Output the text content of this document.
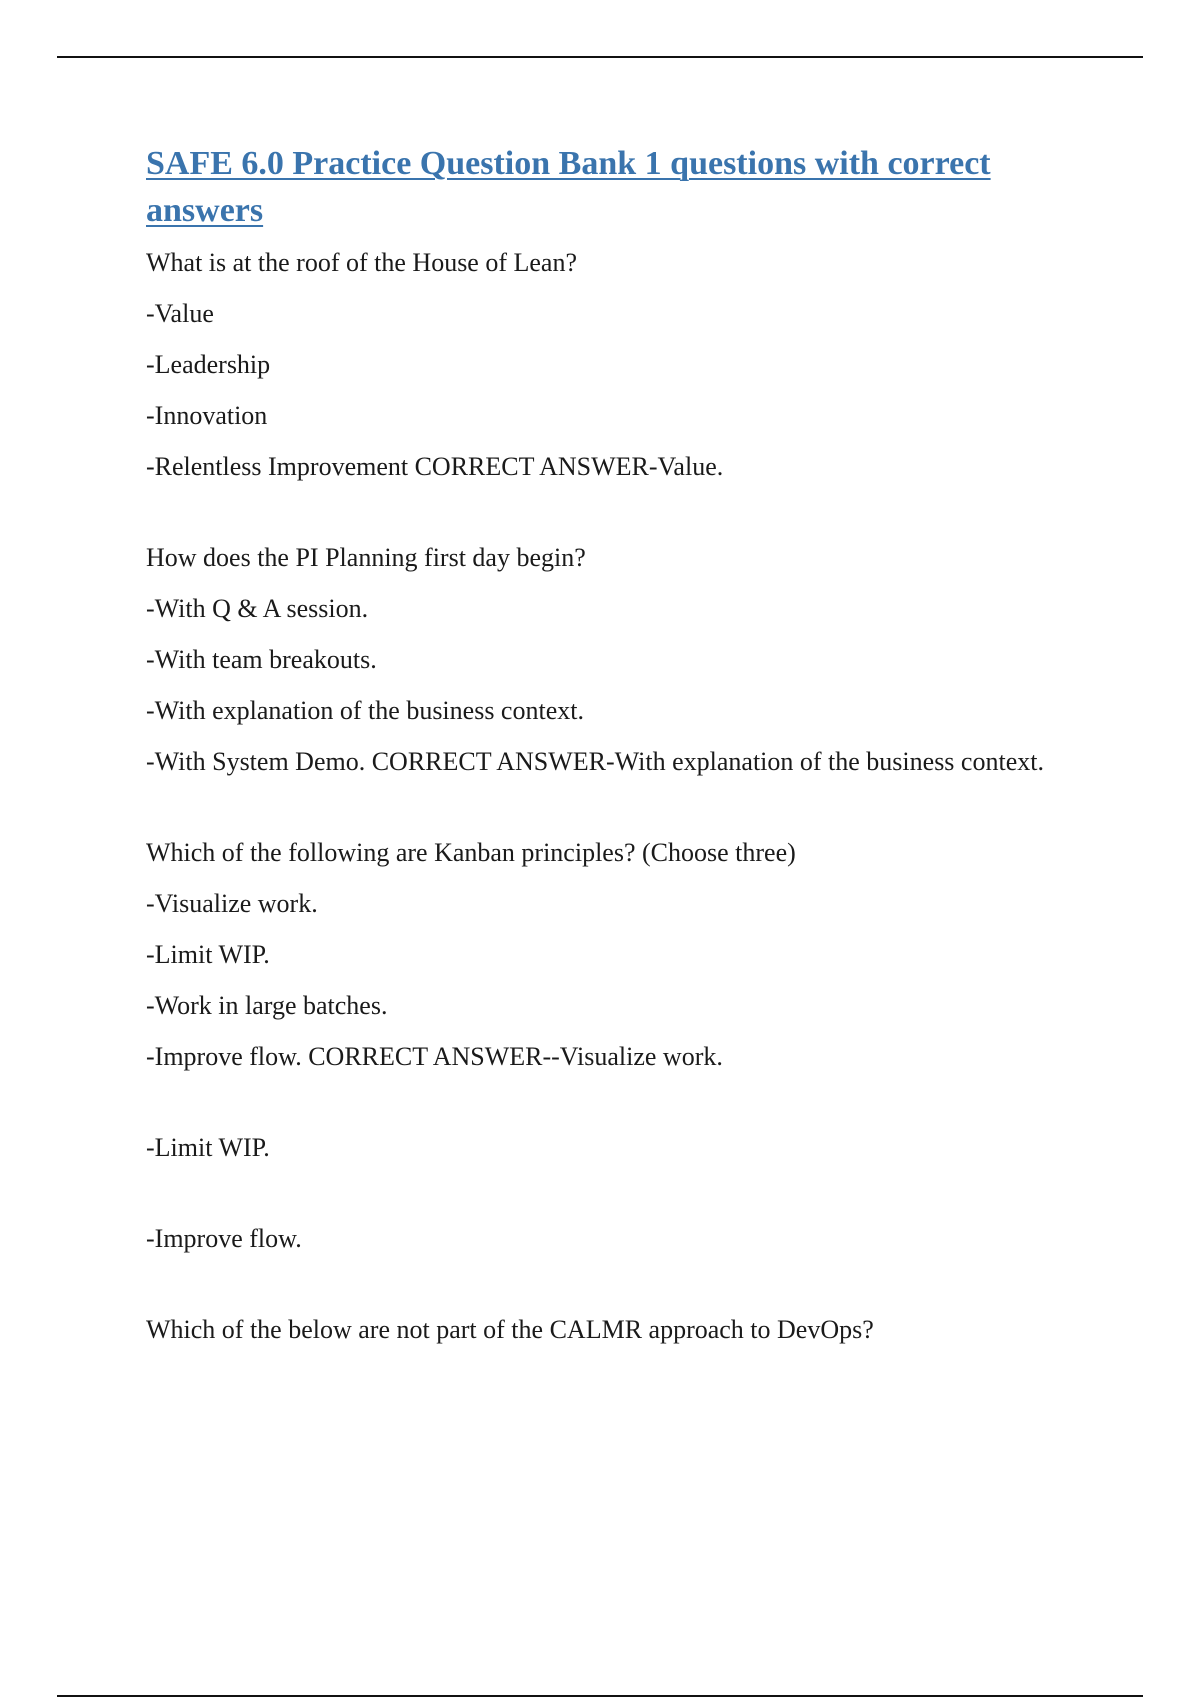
SAFE 6.0 Practice Question Bank 1 questions with correct answers

What is at the roof of the House of Lean?

-Value

-Leadership

-Innovation

-Relentless Improvement CORRECT ANSWER-Value.

How does the PI Planning first day begin?

-With Q & A session.

-With team breakouts.

-With explanation of the business context.

-With System Demo. CORRECT ANSWER-With explanation of the business context.

Which of the following are Kanban principles? (Choose three)

-Visualize work.

-Limit WIP.

-Work in large batches.

-Improve flow. CORRECT ANSWER--Visualize work.

-Limit WIP.

-Improve flow.

Which of the below are not part of the CALMR approach to DevOps?
